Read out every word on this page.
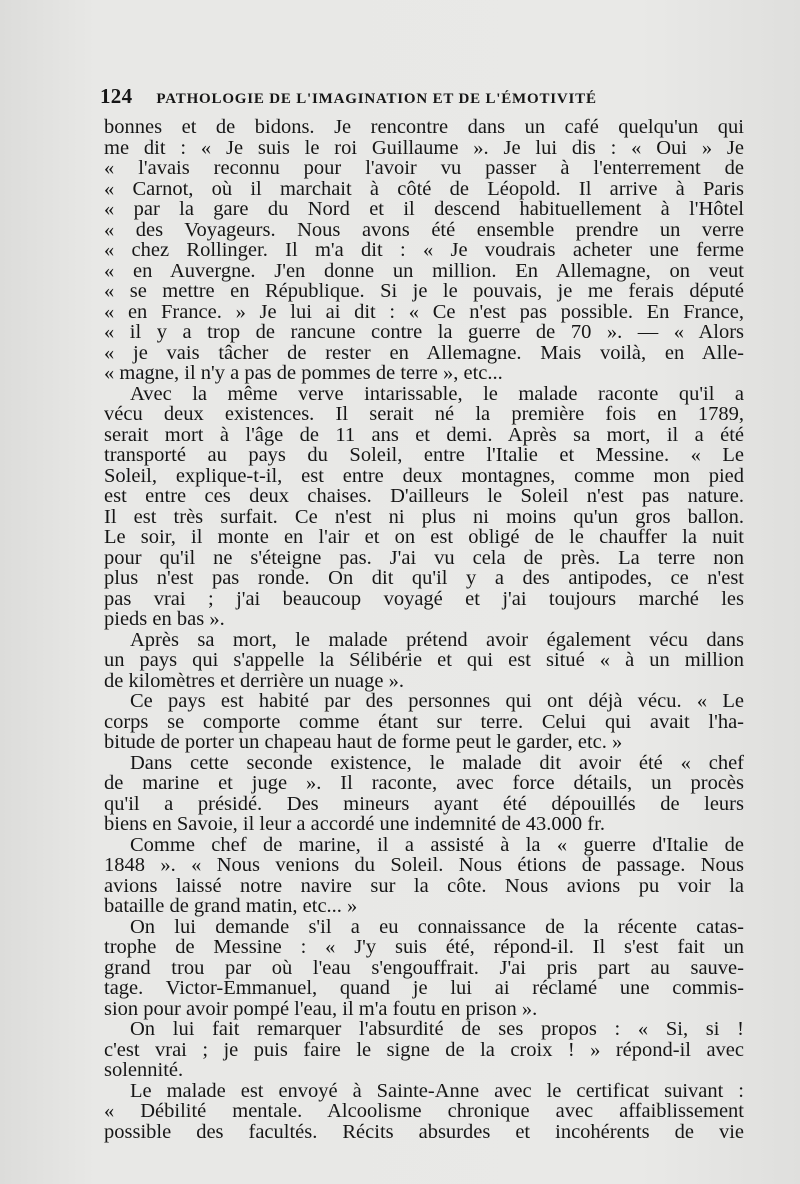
124 PATHOLOGIE DE L'IMAGINATION ET DE L'ÉMOTIVITÉ
bonnes et de bidons. Je rencontre dans un café quelqu'un qui
me dit : « Je suis le roi Guillaume ». Je lui dis : « Oui » Je
« l'avais reconnu pour l'avoir vu passer à l'enterrement de
« Carnot, où il marchait à côté de Léopold. Il arrive à Paris
« par la gare du Nord et il descend habituellement à l'Hôtel
« des Voyageurs. Nous avons été ensemble prendre un verre
« chez Rollinger. Il m'a dit : « Je voudrais acheter une ferme
« en Auvergne. J'en donne un million. En Allemagne, on veut
« se mettre en République. Si je le pouvais, je me ferais député
« en France. » Je lui ai dit : « Ce n'est pas possible. En France,
« il y a trop de rancune contre la guerre de 70 ». — « Alors
« je vais tâcher de rester en Allemagne. Mais voilà, en Alle-
« magne, il n'y a pas de pommes de terre », etc...
Avec la même verve intarissable, le malade raconte qu'il a
vécu deux existences. Il serait né la première fois en 1789,
serait mort à l'âge de 11 ans et demi. Après sa mort, il a été
transporté au pays du Soleil, entre l'Italie et Messine. « Le
Soleil, explique-t-il, est entre deux montagnes, comme mon pied
est entre ces deux chaises. D'ailleurs le Soleil n'est pas nature.
Il est très surfait. Ce n'est ni plus ni moins qu'un gros ballon.
Le soir, il monte en l'air et on est obligé de le chauffer la nuit
pour qu'il ne s'éteigne pas. J'ai vu cela de près. La terre non
plus n'est pas ronde. On dit qu'il y a des antipodes, ce n'est
pas vrai ; j'ai beaucoup voyagé et j'ai toujours marché les
pieds en bas ».
Après sa mort, le malade prétend avoir également vécu dans
un pays qui s'appelle la Sélibérie et qui est situé « à un million
de kilomètres et derrière un nuage ».
Ce pays est habité par des personnes qui ont déjà vécu. « Le
corps se comporte comme étant sur terre. Celui qui avait l'ha-
bitude de porter un chapeau haut de forme peut le garder, etc. »
Dans cette seconde existence, le malade dit avoir été « chef
de marine et juge ». Il raconte, avec force détails, un procès
qu'il a présidé. Des mineurs ayant été dépouillés de leurs
biens en Savoie, il leur a accordé une indemnité de 43.000 fr.
Comme chef de marine, il a assisté à la « guerre d'Italie de
1848 ». « Nous venions du Soleil. Nous étions de passage. Nous
avions laissé notre navire sur la côte. Nous avions pu voir la
bataille de grand matin, etc... »
On lui demande s'il a eu connaissance de la récente catas-
trophe de Messine : « J'y suis été, répond-il. Il s'est fait un
grand trou par où l'eau s'engouffrait. J'ai pris part au sauve-
tage. Victor-Emmanuel, quand je lui ai réclamé une commis-
sion pour avoir pompé l'eau, il m'a foutu en prison ».
On lui fait remarquer l'absurdité de ses propos : « Si, si !
c'est vrai ; je puis faire le signe de la croix ! » répond-il avec
solennité.
Le malade est envoyé à Sainte-Anne avec le certificat suivant :
« Débilité mentale. Alcoolisme chronique avec affaiblissement
possible des facultés. Récits absurdes et incohérents de vie
